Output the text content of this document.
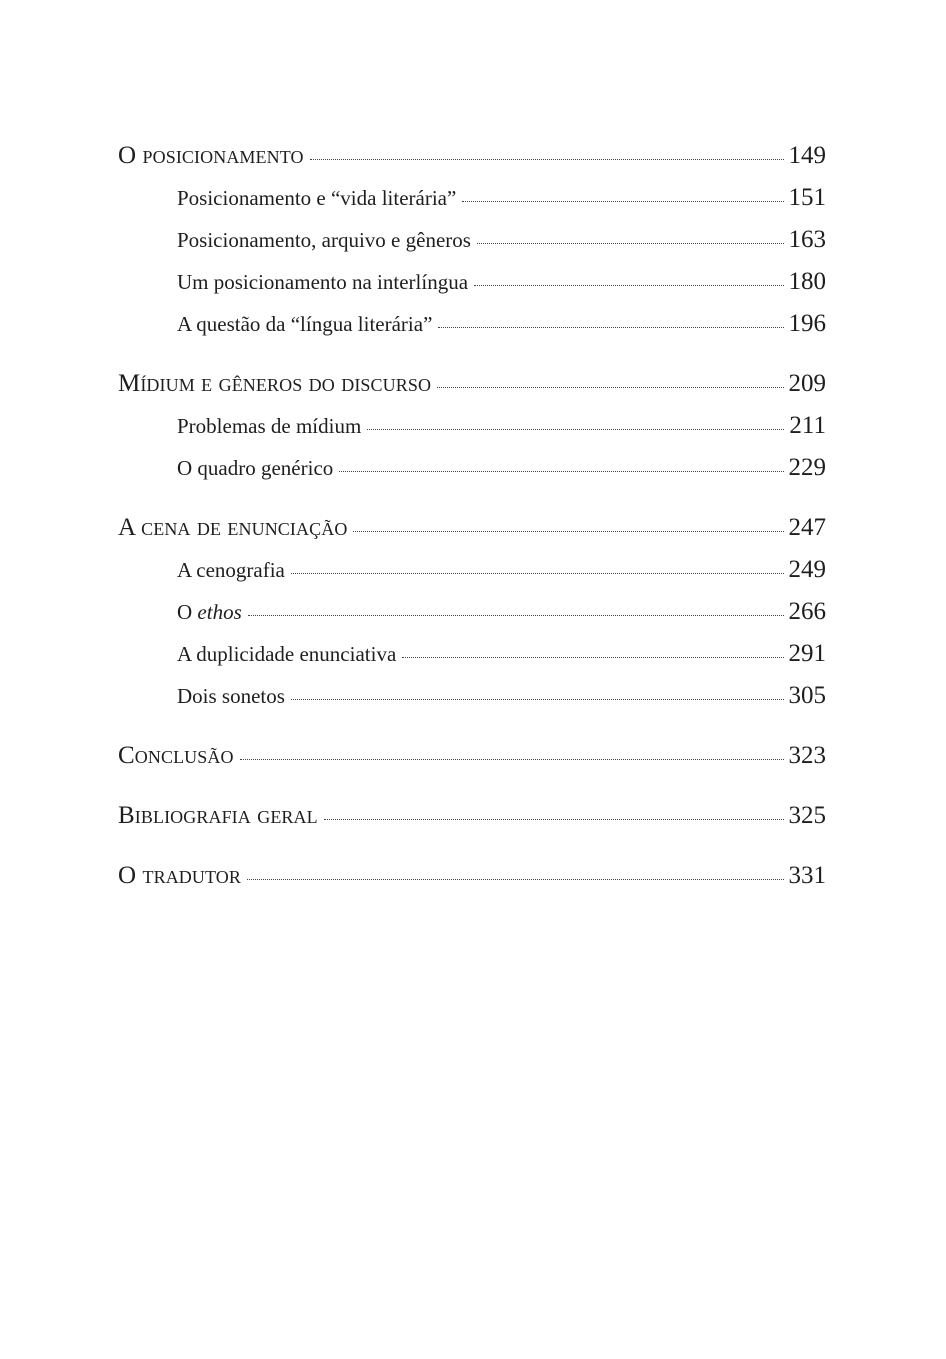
O posicionamento	149
Posicionamento e “vida literária”	151
Posicionamento, arquivo e gêneros	163
Um posicionamento na interlíngua	180
A questão da “língua literária”	196
Mídium e gêneros do discurso	209
Problemas de mídium	211
O quadro genérico	229
A cena de enunciação	247
A cenografia	249
O ethos	266
A duplicidade enunciativa	291
Dois sonetos	305
Conclusão	323
Bibliografia geral	325
O tradutor	331
